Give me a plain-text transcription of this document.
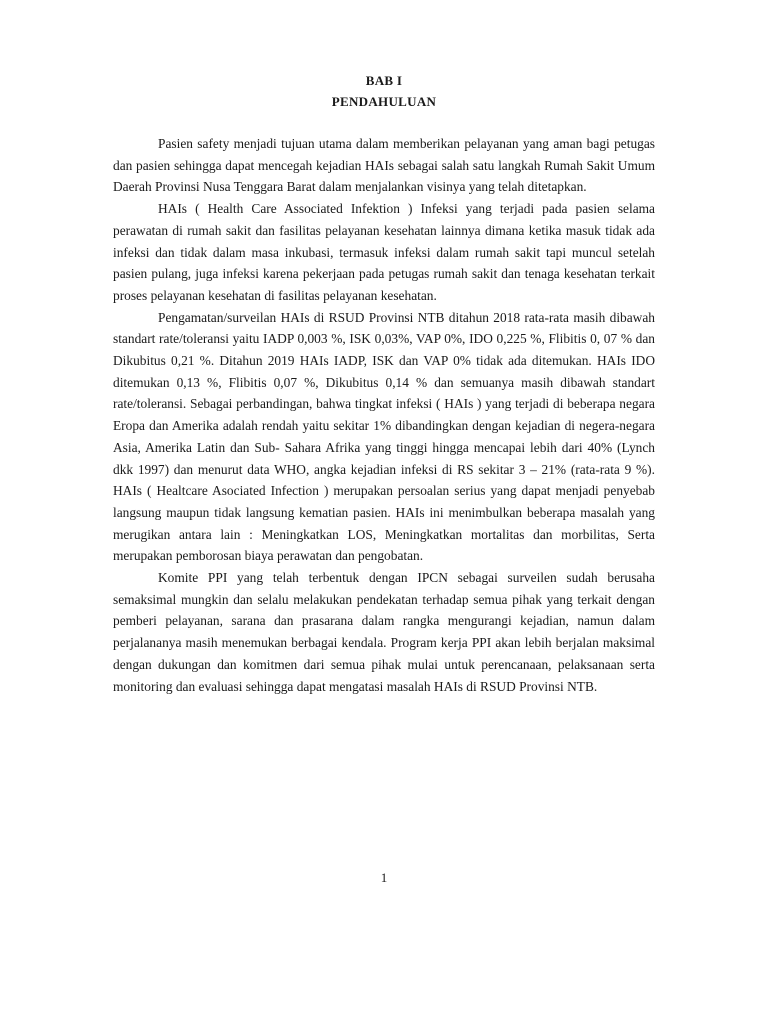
BAB I
PENDAHULUAN

Pasien safety menjadi tujuan utama dalam memberikan pelayanan yang aman bagi petugas dan pasien sehingga dapat mencegah kejadian HAIs sebagai salah satu langkah Rumah Sakit Umum Daerah Provinsi Nusa Tenggara Barat dalam menjalankan visinya yang telah ditetapkan.

HAIs ( Health Care Associated Infektion ) Infeksi yang terjadi pada pasien selama perawatan di rumah sakit dan fasilitas pelayanan kesehatan lainnya dimana ketika masuk tidak ada infeksi dan tidak dalam masa inkubasi, termasuk infeksi dalam rumah sakit tapi muncul setelah pasien pulang, juga infeksi karena pekerjaan pada petugas rumah sakit dan tenaga kesehatan terkait proses pelayanan kesehatan di fasilitas pelayanan kesehatan.

Pengamatan/surveilan HAIs di RSUD Provinsi NTB ditahun 2018 rata-rata masih dibawah standart rate/toleransi yaitu IADP 0,003 %, ISK 0,03%, VAP 0%, IDO 0,225 %, Flibitis 0, 07 % dan Dikubitus 0,21 %. Ditahun 2019 HAIs IADP, ISK dan VAP 0% tidak ada ditemukan. HAIs IDO ditemukan 0,13 %, Flibitis 0,07 %, Dikubitus 0,14 % dan semuanya masih dibawah standart rate/toleransi. Sebagai perbandingan, bahwa tingkat infeksi ( HAIs ) yang terjadi di beberapa negara Eropa dan Amerika adalah rendah yaitu sekitar 1% dibandingkan dengan kejadian di negera-negara Asia, Amerika Latin dan Sub- Sahara Afrika yang tinggi hingga mencapai lebih dari 40% (Lynch dkk 1997) dan menurut data WHO, angka kejadian infeksi di RS sekitar 3 – 21% (rata-rata 9 %). HAIs ( Healtcare Asociated Infection ) merupakan persoalan serius yang dapat menjadi penyebab langsung maupun tidak langsung kematian pasien. HAIs ini menimbulkan beberapa masalah yang merugikan antara lain : Meningkatkan LOS, Meningkatkan mortalitas dan morbilitas, Serta merupakan pemborosan biaya perawatan dan pengobatan.

Komite PPI yang telah terbentuk dengan IPCN sebagai surveilen sudah berusaha semaksimal mungkin dan selalu melakukan pendekatan terhadap semua pihak yang terkait dengan pemberi pelayanan, sarana dan prasarana dalam rangka mengurangi kejadian, namun dalam perjalananya masih menemukan berbagai kendala. Program kerja PPI akan lebih berjalan maksimal dengan dukungan dan komitmen dari semua pihak mulai untuk perencanaan, pelaksanaan serta monitoring dan evaluasi sehingga dapat mengatasi masalah HAIs di RSUD Provinsi NTB.

1
